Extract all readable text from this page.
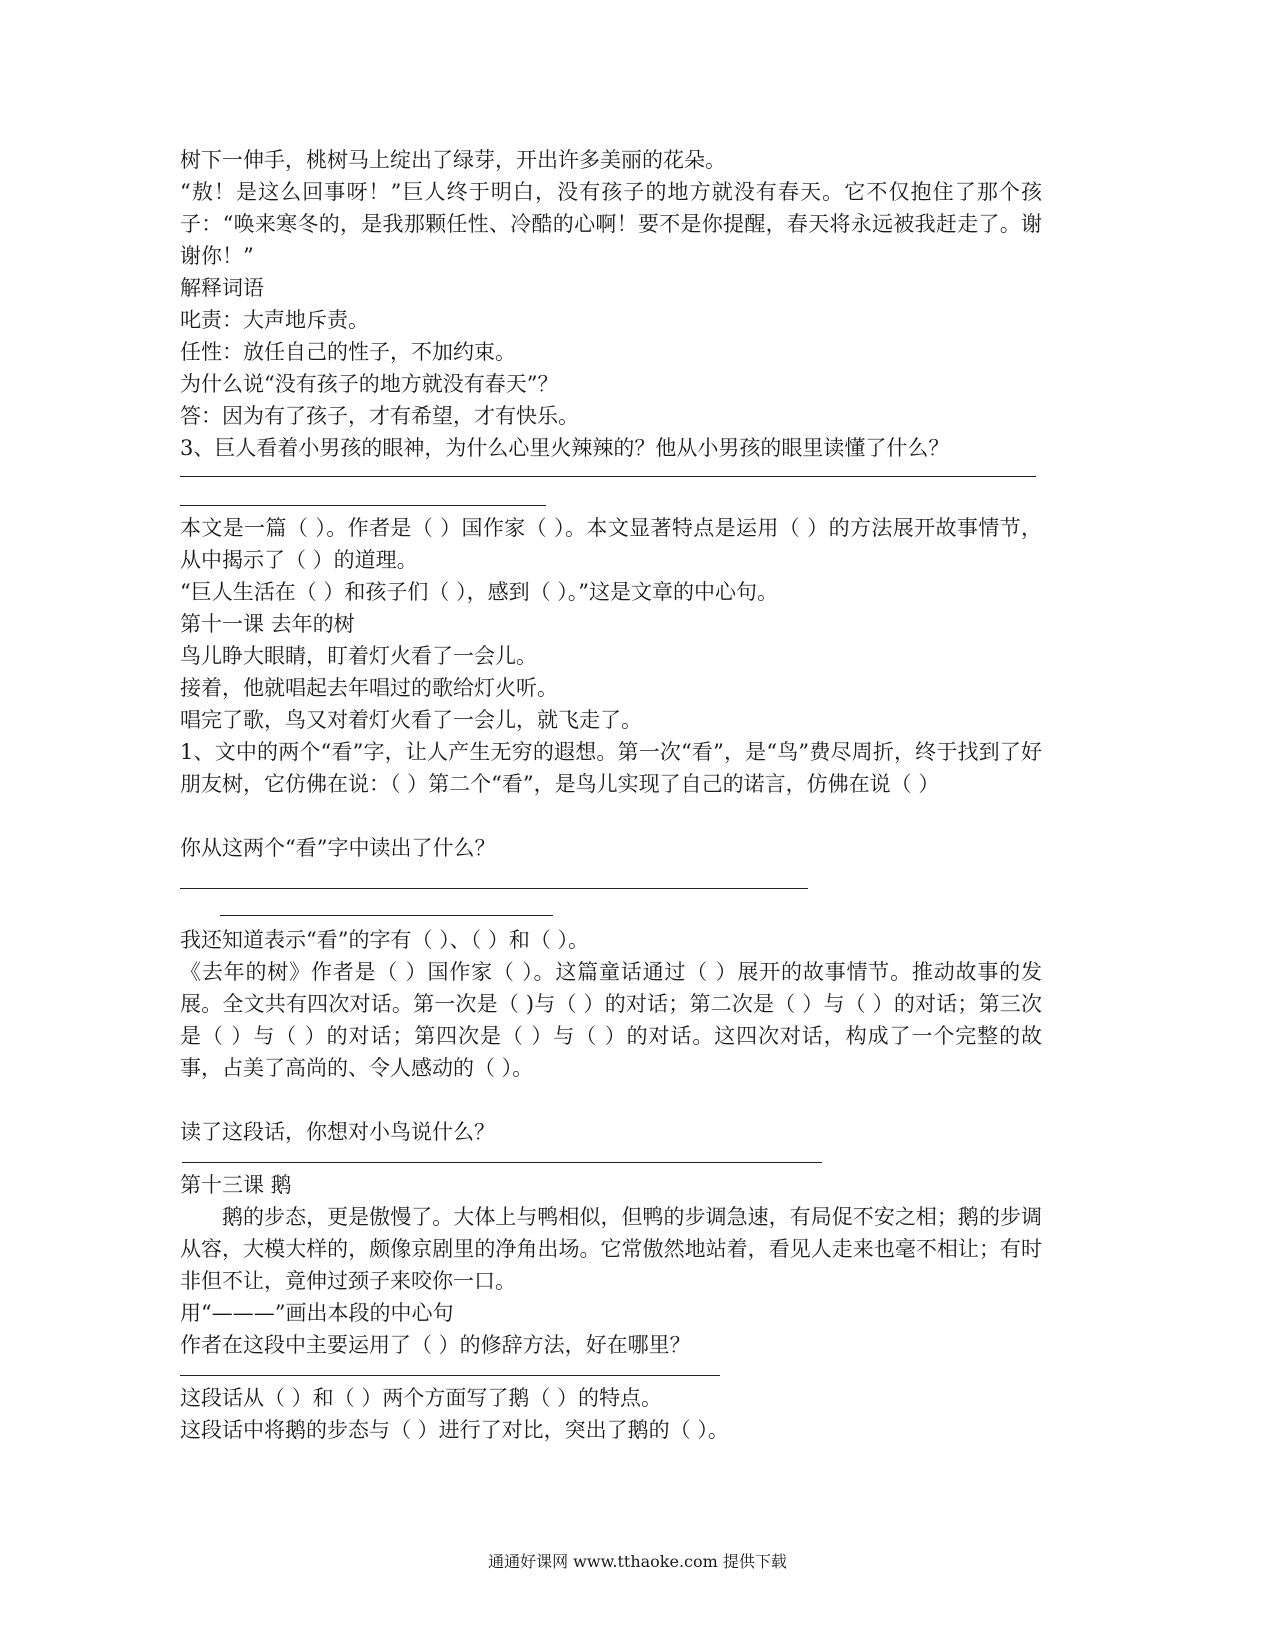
树下一伸手，桃树马上绽出了绿芽，开出许多美丽的花朵。
“敖！是这么回事呀！”巨人终于明白，没有孩子的地方就没有春天。它不仅抱住了那个孩子：“唤来寒冬的，是我那颗任性、冷酷的心啊！要不是你提醒，春天将永远被我赶走了。谢谢你！”
解释词语
叱责：大声地斥责。
任性：放任自己的性子，不加约束。
为什么说“没有孩子的地方就没有春天”？
答：因为有了孩子，才有希望，才有快乐。
3、巨人看着小男孩的眼神，为什么心里火辣辣的？他从小男孩的眼里读懂了什么？
本文是一篇（ ）。作者是（ ）国作家（ ）。本文显著特点是运用（ ）的方法展开故事情节，从中揭示了（ ）的道理。
“巨人生活在（ ）和孩子们（ ），感到（ ）。”这是文章的中心句。
第十一课 去年的树
鸟儿睁大眼睛，盯着灯火看了一会儿。
接着，他就唱起去年唱过的歌给灯火听。
唱完了歌，鸟又对着灯火看了一会儿，就飞走了。
1、文中的两个“看”字，让人产生无穷的遐想。第一次“看”，是“鸟”费尽周折，终于找到了好朋友树，它仿佛在说：（ ）第二个“看”，是鸟儿实现了自己的诺言，仿佛在说（ ）
你从这两个“看”字中读出了什么？
我还知道表示“看”的字有（ ）、（ ）和（ ）。
《去年的树》作者是（ ）国作家（ ）。这篇童话通过（ ）展开的故事情节。推动故事的发展。全文共有四次对话。第一次是（ )与（ ）的对话；第二次是（ ）与（ ）的对话；第三次是（ ）与（ ）的对话；第四次是（ ）与（ ）的对话。这四次对话，构成了一个完整的故事，占美了高尚的、令人感动的（ ）。
读了这段话，你想对小鸟说什么？
第十三课 鹅
鹅的步态，更是傲慢了。大体上与鸭相似，但鸭的步调急速，有局促不安之相；鹅的步调从容，大模大样的，颇像京剧里的净角出场。它常傲然地站着，看见人走来也毫不相让；有时非但不让，竟伸过颈子来咬你一口。
用“———”画出本段的中心句
作者在这段中主要运用了（ ）的修辞方法，好在哪里？
这段话从（ ）和（ ）两个方面写了鹅（ ）的特点。
这段话中将鹅的步态与（ ）进行了对比，突出了鹅的（ ）。
通通好课网 www.tthaoke.com 提供下载
